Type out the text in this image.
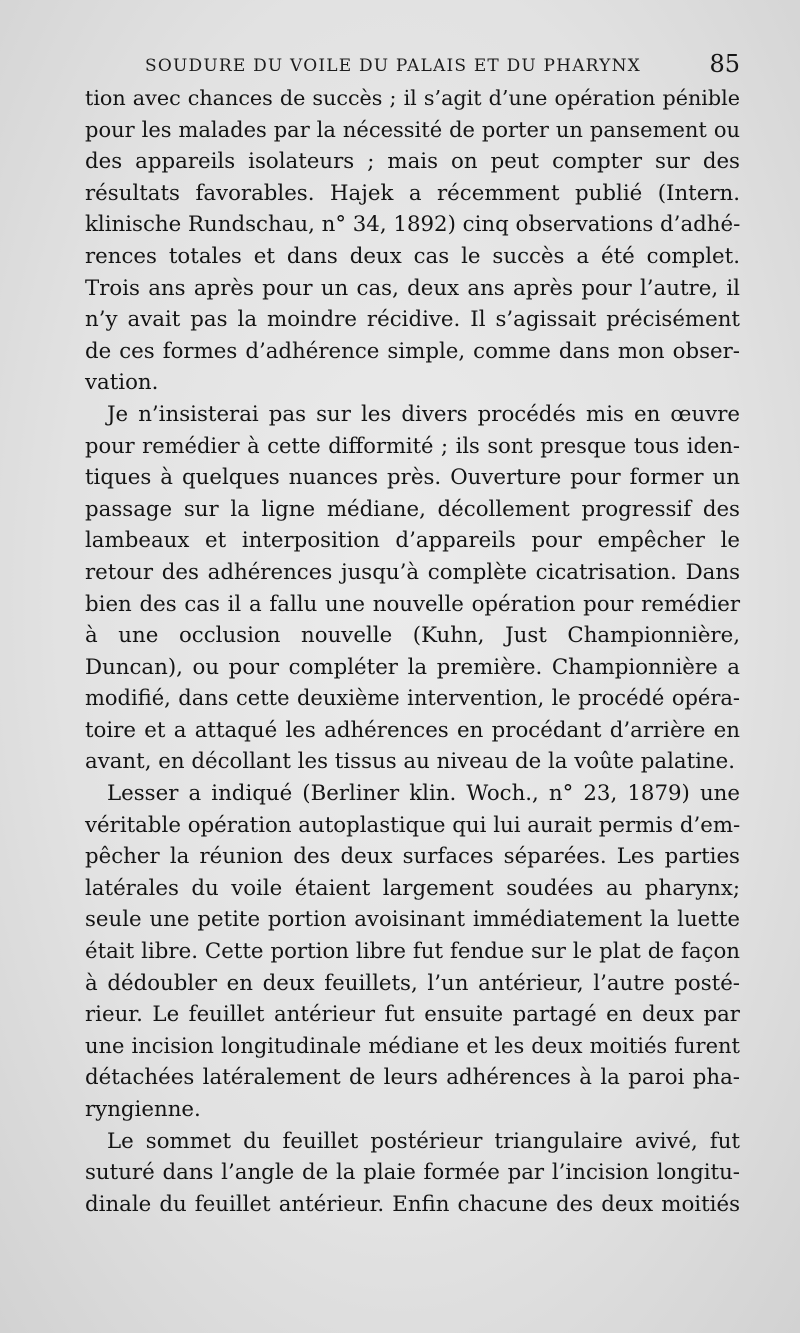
SOUDURE DU VOILE DU PALAIS ET DU PHARYNX	85
tion avec chances de succès ; il s’agit d’une opération pénible
pour les malades par la nécessité de porter un pansement ou
des appareils isolateurs ; mais on peut compter sur des
résultats favorables. Hajek a récemment publié (Intern.
klinische Rundschau, n° 34, 1892) cinq observations d’adhé-
rences totales et dans deux cas le succès a été complet.
Trois ans après pour un cas, deux ans après pour l’autre, il
n’y avait pas la moindre récidive. Il s’agissait précisément
de ces formes d’adhérence simple, comme dans mon obser-
vation.
Je n’insisterai pas sur les divers procédés mis en œuvre
pour remédier à cette difformité ; ils sont presque tous iden-
tiques à quelques nuances près. Ouverture pour former un
passage sur la ligne médiane, décollement progressif des
lambeaux et interposition d’appareils pour empêcher le
retour des adhérences jusqu’à complète cicatrisation. Dans
bien des cas il a fallu une nouvelle opération pour remédier
à une occlusion nouvelle (Kuhn, Just Championnière,
Duncan), ou pour compléter la première. Championnière a
modifié, dans cette deuxième intervention, le procédé opéra-
toire et a attaqué les adhérences en procédant d’arrière en
avant, en décollant les tissus au niveau de la voûte palatine.
Lesser a indiqué (Berliner klin. Woch., n° 23, 1879) une
véritable opération autoplastique qui lui aurait permis d’em-
pêcher la réunion des deux surfaces séparées. Les parties
latérales du voile étaient largement soudées au pharynx;
seule une petite portion avoisinant immédiatement la luette
était libre. Cette portion libre fut fendue sur le plat de façon
à dédoubler en deux feuillets, l’un antérieur, l’autre posté-
rieur. Le feuillet antérieur fut ensuite partagé en deux par
une incision longitudinale médiane et les deux moitiés furent
détachées latéralement de leurs adhérences à la paroi pha-
ryngienne.
Le sommet du feuillet postérieur triangulaire avivé, fut
suturé dans l’angle de la plaie formée par l’incision longitu-
dinale du feuillet antérieur. Enfin chacune des deux moitiés
